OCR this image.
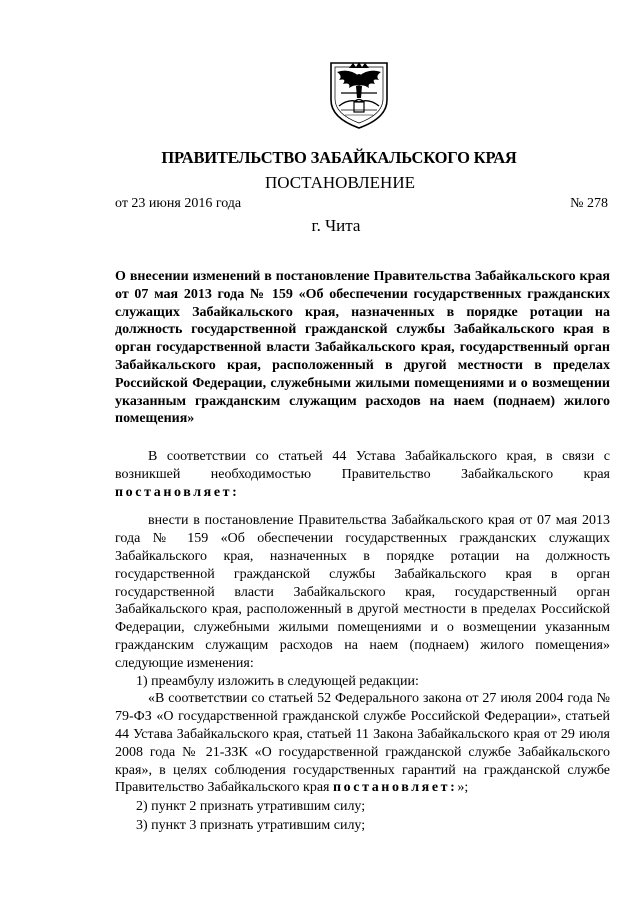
ПРАВИТЕЛЬСТВО ЗАБАЙКАЛЬСКОГО КРАЯ
ПОСТАНОВЛЕНИЕ
от 23 июня 2016 года	№ 278
г. Чита
О внесении изменений в постановление Правительства Забайкальского края от 07 мая 2013 года № 159 «Об обеспечении государственных гражданских служащих Забайкальского края, назначенных в порядке ротации на должность государственной гражданской службы Забайкальского края в орган государственной власти Забайкальского края, государственный орган Забайкальского края, расположенный в другой местности в пределах Российской Федерации, служебными жилыми помещениями и о возмещении указанным гражданским служащим расходов на наем (поднаем) жилого помещения»

В соответствии со статьей 44 Устава Забайкальского края, в связи с возникшей необходимостью Правительство Забайкальского края постановляет:

внести в постановление Правительства Забайкальского края от 07 мая 2013 года № 159 «Об обеспечении государственных гражданских служащих Забайкальского края, назначенных в порядке ротации на должность государственной гражданской службы Забайкальского края в орган государственной власти Забайкальского края, государственный орган Забайкальского края, расположенный в другой местности в пределах Российской Федерации, служебными жилыми помещениями и о возмещении указанным гражданским служащим расходов на наем (поднаем) жилого помещения» следующие изменения:

1) преамбулу изложить в следующей редакции:

«В соответствии со статьей 52 Федерального закона от 27 июля 2004 года № 79-ФЗ «О государственной гражданской службе Российской Федерации», статьей 44 Устава Забайкальского края, статьей 11 Закона Забайкальского края от 29 июля 2008 года № 21-ЗЗК «О государственной гражданской службе Забайкальского края», в целях соблюдения государственных гарантий на гражданской службе Правительство Забайкальского края постановляет:»;

2) пункт 2 признать утратившим силу;

3) пункт 3 признать утратившим силу;
